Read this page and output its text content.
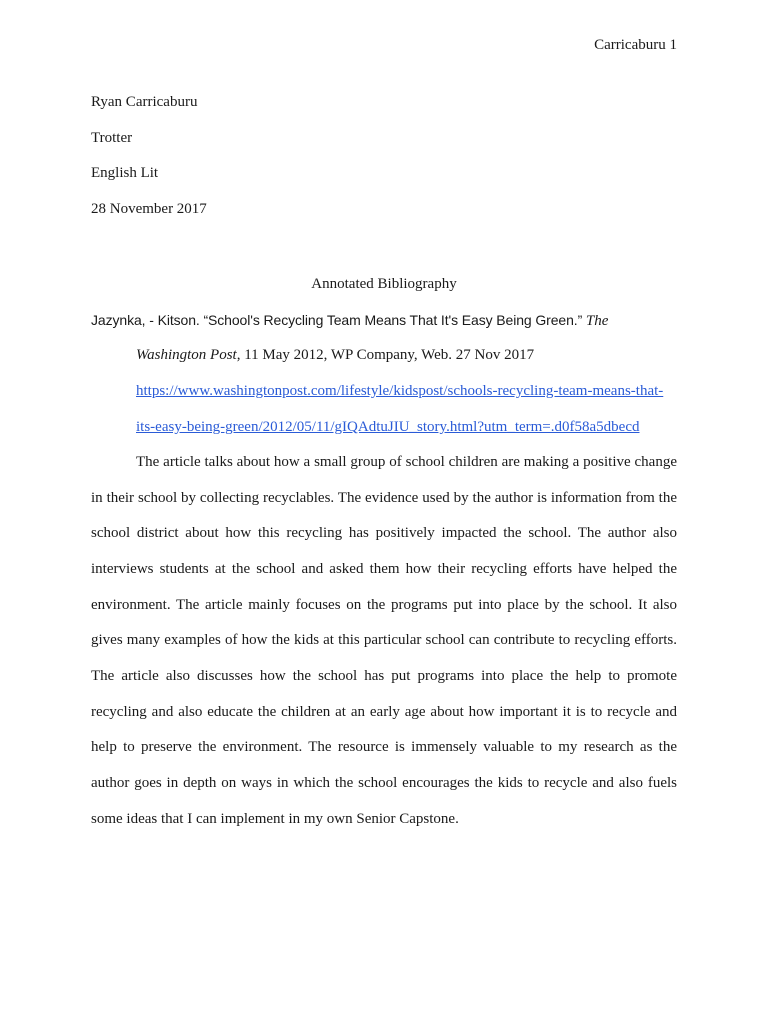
Carricaburu 1
Ryan Carricaburu
Trotter
English Lit
28 November 2017
Annotated Bibliography
Jazynka, - Kitson. “School's Recycling Team Means That It's Easy Being Green.” The
Washington Post, 11 May 2012, WP Company, Web. 27 Nov 2017
https://www.washingtonpost.com/lifestyle/kidspost/schools-recycling-team-means-that-
its-easy-being-green/2012/05/11/gIQAdtuJIU_story.html?utm_term=.d0f58a5dbecd
The article talks about how a small group of school children are making a positive change
in their school by collecting recyclables. The evidence used by the author is information from the
school district about how this recycling has positively impacted the school. The author also
interviews students at the school and asked them how their recycling efforts have helped the
environment. The article mainly focuses on the programs put into place by the school. It also
gives many examples of how the kids at this particular school can contribute to recycling efforts.
The article also discusses how the school has put programs into place the help to promote
recycling and also educate the children at an early age about how important it is to recycle and
help to preserve the environment. The resource is immensely valuable to my research as the
author goes in depth on ways in which the school encourages the kids to recycle and also fuels
some ideas that I can implement in my own Senior Capstone.
